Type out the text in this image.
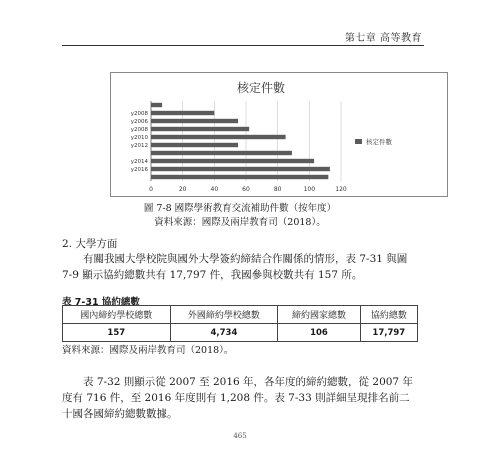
第七章 高等教育
核定件數
0	20	40	60	80	100	120
y2008
y2006
y2008
y2010
y2012
y2014
y2016
核定件數
圖 7-8 國際學術教育交流補助件數（按年度）
資料來源：國際及兩岸教育司（2018）。
2. 大學方面
有關我國大學校院與國外大學簽約締結合作關係的情形，表 7-31 與圖 7-9 顯示協約總數共有 17,797 件，我國參與校數共有 157 所。
表 7-31 協約總數
國內締約學校總數	外國締約學校總數	締約國家總數	協約總數
157	4,734	106	17,797
資料來源：國際及兩岸教育司（2018）。
表 7-32 則顯示從 2007 至 2016 年，各年度的締約總數，從 2007 年度有 716 件，至 2016 年度則有 1,208 件。表 7-33 則詳細呈現排名前二十國各國締約總數數據。
465
